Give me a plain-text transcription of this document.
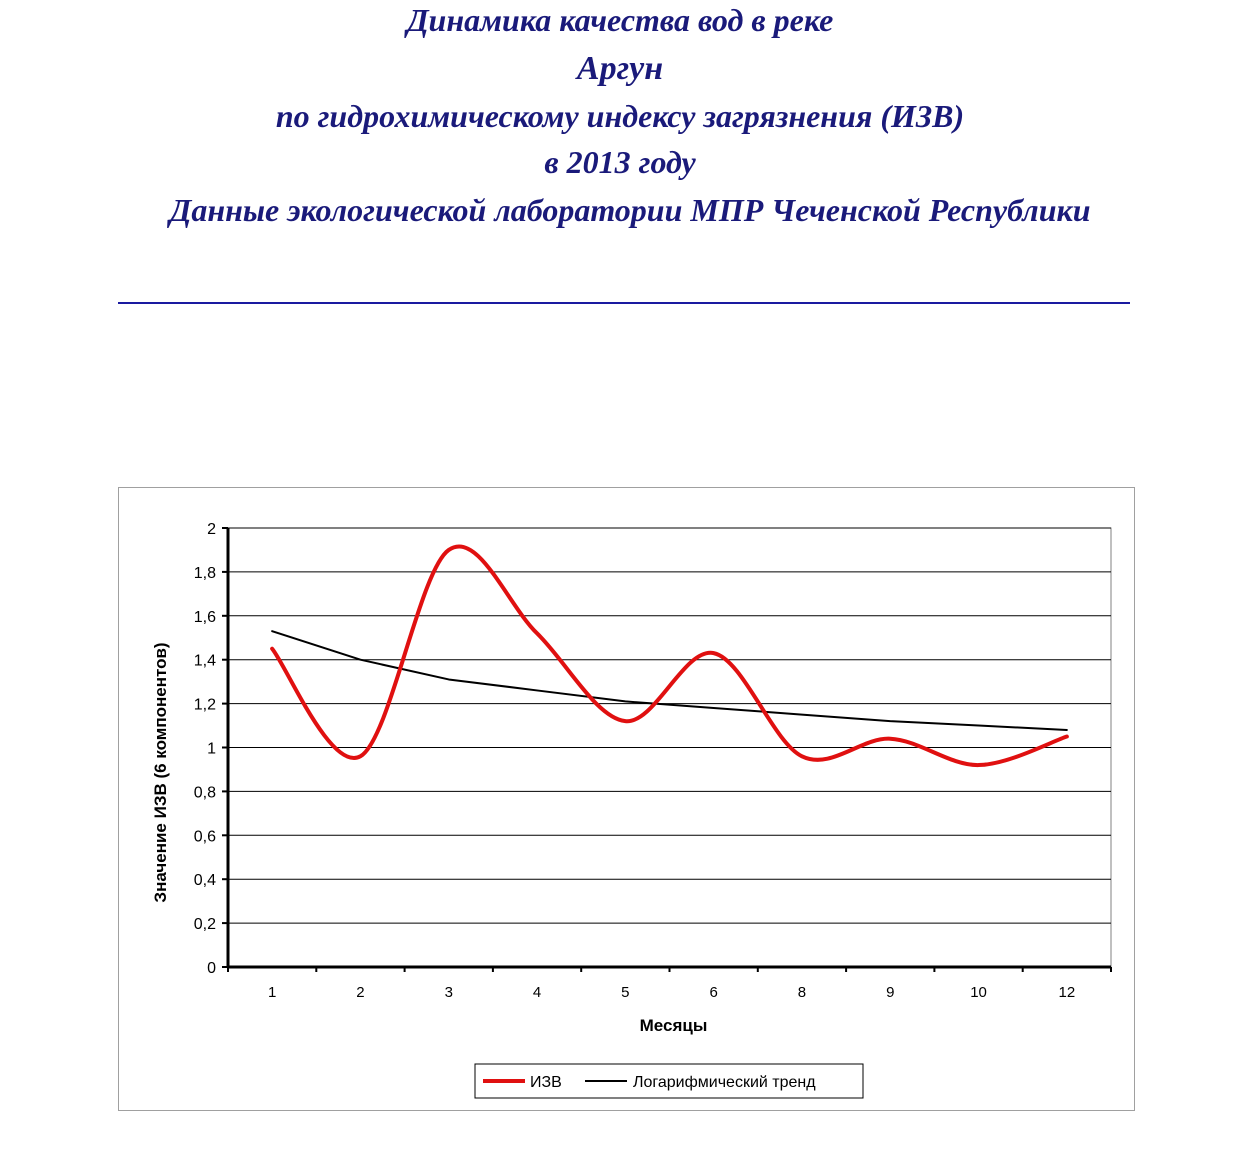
Динамика качества вод в реке
Аргун
по гидрохимическому индексу загрязнения (ИЗВ)
в 2013 году
Данные экологической лаборатории МПР Чеченской Республики
0
0,2
0,4
0,6
0,8
1
1,2
1,4
1,6
1,8
2
1	2	3	4	5	6	8	9	10	12
Значение ИЗВ (6 компонентов)
Месяцы
ИЗВ	Логарифмический тренд
